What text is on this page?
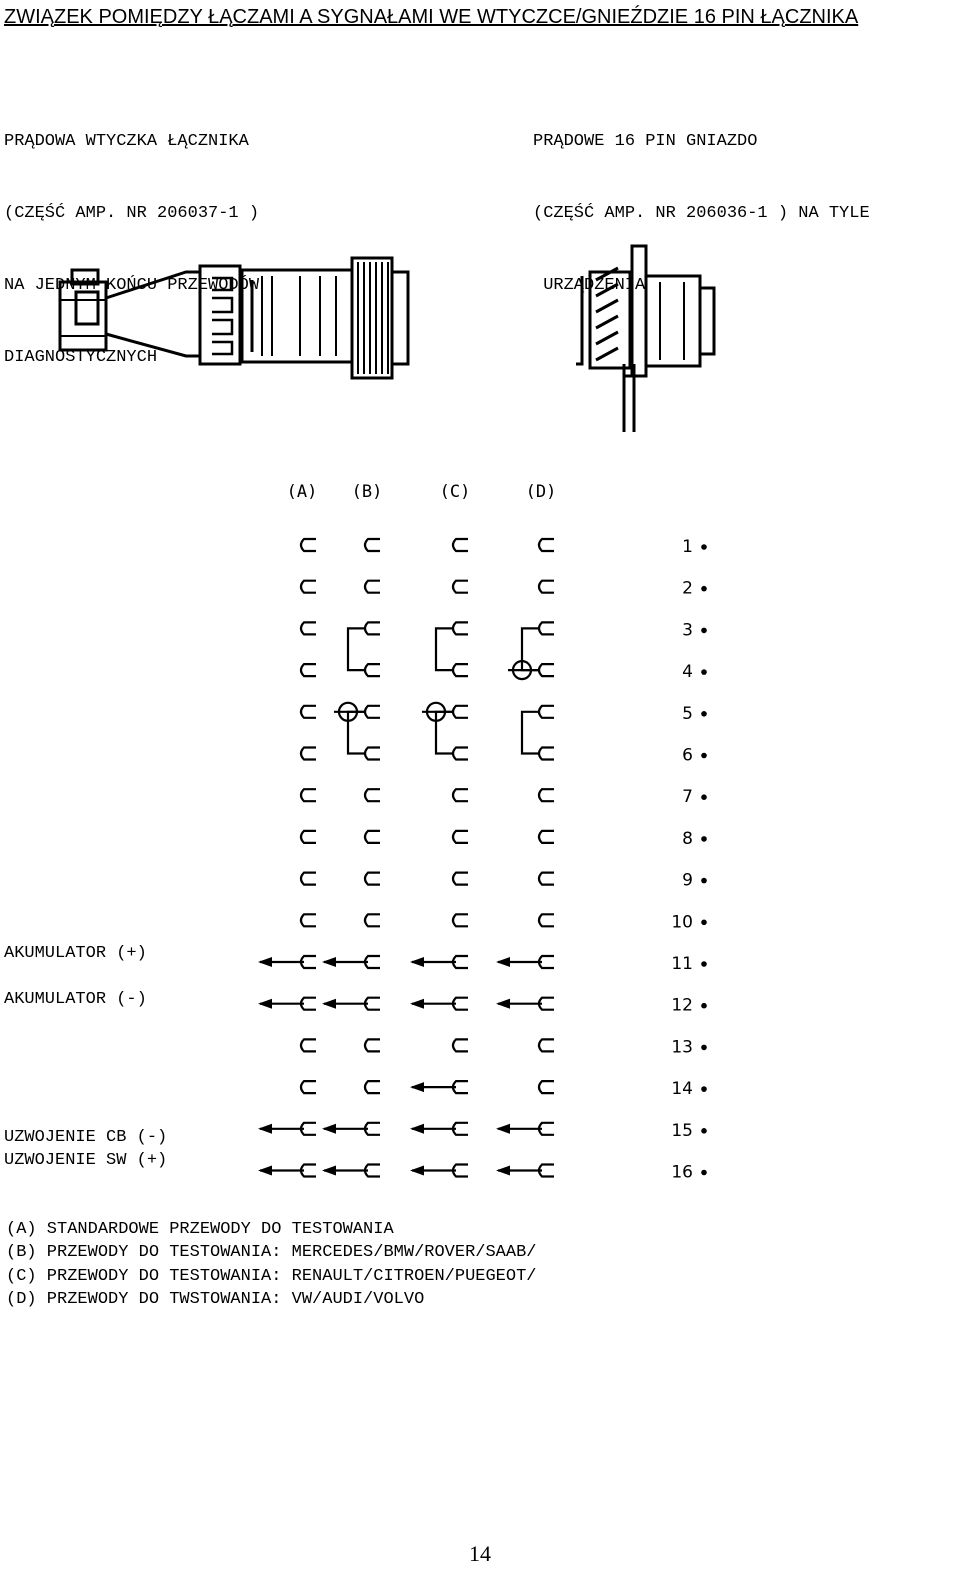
ZWIĄZEK POMIĘDZY ŁĄCZAMI A SYGNAŁAMI WE WTYCZCE/GNIEŹDZIE 16 PIN ŁĄCZNIKA

PRĄDOWA WTYCZKA ŁĄCZNIKA

(CZĘŚĆ AMP. NR 206037-1 )

NA JEDNYM KOŃCU PRZEWODÓW

DIAGNOSTYCZNYCH

PRĄDOWE 16 PIN GNIAZDO

(CZĘŚĆ AMP. NR 206036-1 ) NA TYLE

URZĄDZENIA

(A) (B)	(C)	(D)
1
2
3
4
5
6
7
8
9
10
11
12
13
14
15
16
AKUMULATOR (+)
AKUMULATOR (-)
UZWOJENIE CB (-)
UZWOJENIE SW (+)
(A) STANDARDOWE PRZEWODY DO TESTOWANIA
(B) PRZEWODY DO TESTOWANIA: MERCEDES/BMW/ROVER/SAAB/
(C) PRZEWODY DO TESTOWANIA: RENAULT/CITROEN/PUEGEOT/
(D) PRZEWODY DO TWSTOWANIA: VW/AUDI/VOLVO
14
